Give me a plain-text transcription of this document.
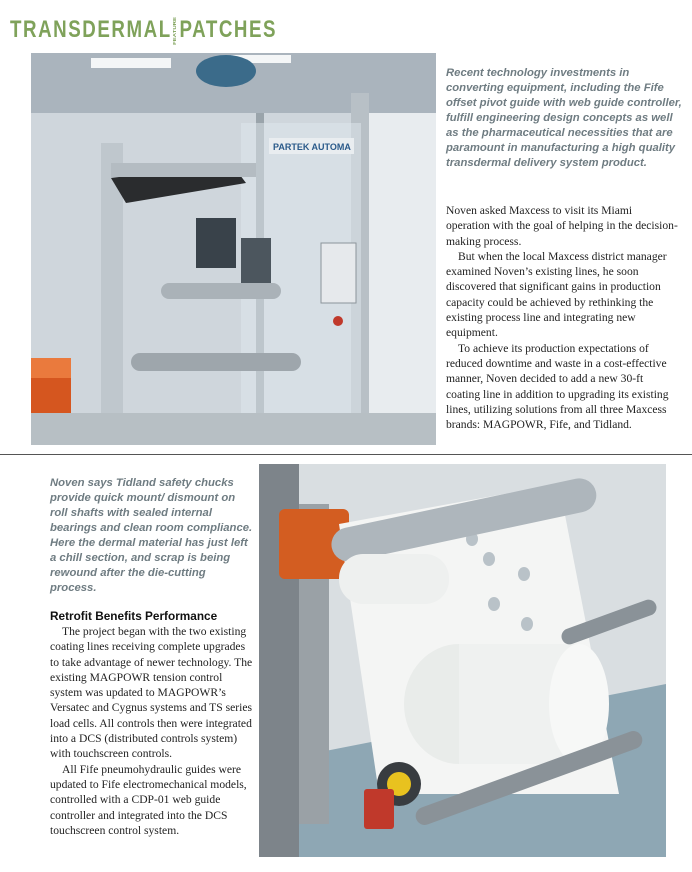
TRANSDERMAL FEATUREPATCHES
PARTEK AUTOMA

Recent technology investments in converting equipment, including the Fife offset pivot guide with web guide controller, fulfill engineering design concepts as well as the pharmaceutical necessities that are paramount in manufacturing a high quality transdermal delivery system product.

Noven asked Maxcess to visit its Miami operation with the goal of helping in the decision-making process.

But when the local Maxcess district manager examined Noven’s existing lines, he soon discovered that significant gains in production capacity could be achieved by rethinking the existing process line and integrating new equipment.

To achieve its production expectations of reduced downtime and waste in a cost-effective manner, Noven decided to add a new 30-ft coating line in addition to upgrading its existing lines, utilizing solutions from all three Maxcess brands: MAGPOWR, Fife, and Tidland.

Noven says Tidland safety chucks provide quick mount/ dismount on roll shafts with sealed internal bearings and clean room compliance. Here the dermal material has just left a chill section, and scrap is being rewound after the die-cutting process.

Retrofit Benefits Performance

The project began with the two existing coating lines receiving complete upgrades to take advantage of newer technology. The existing MAGPOWR tension control system was updated to MAGPOWR’s Versatec and Cygnus systems and TS series load cells. All controls then were integrated into a DCS (distributed controls system) with touchscreen controls.

All Fife pneumohydraulic guides were updated to Fife electromechanical models, controlled with a CDP-01 web guide controller and integrated into the DCS touchscreen control system.
